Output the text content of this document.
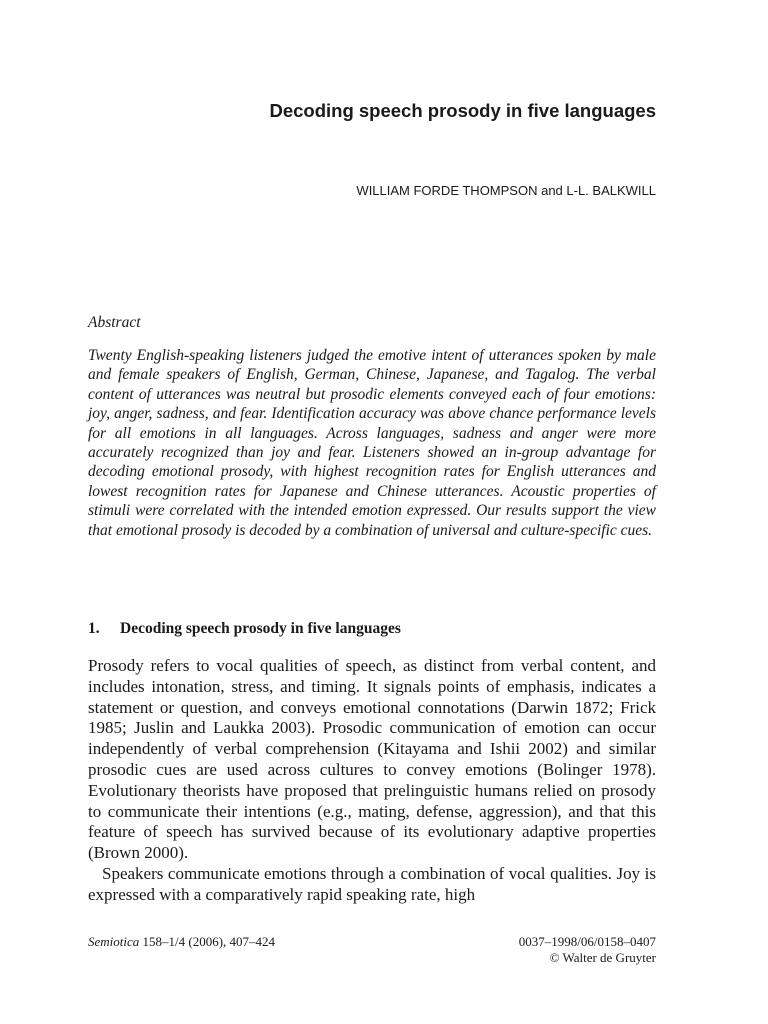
Decoding speech prosody in five languages
WILLIAM FORDE THOMPSON and L-L. BALKWILL
Abstract
Twenty English-speaking listeners judged the emotive intent of utterances spoken by male and female speakers of English, German, Chinese, Japanese, and Tagalog. The verbal content of utterances was neutral but prosodic elements conveyed each of four emotions: joy, anger, sadness, and fear. Identification accuracy was above chance performance levels for all emotions in all languages. Across languages, sadness and anger were more accurately recognized than joy and fear. Listeners showed an in-group advantage for decoding emotional prosody, with highest recognition rates for English utterances and lowest recognition rates for Japanese and Chinese utterances. Acoustic properties of stimuli were correlated with the intended emotion expressed. Our results support the view that emotional prosody is decoded by a combination of universal and culture-specific cues.
1. Decoding speech prosody in five languages

Prosody refers to vocal qualities of speech, as distinct from verbal content, and includes intonation, stress, and timing. It signals points of emphasis, indicates a statement or question, and conveys emotional connotations (Darwin 1872; Frick 1985; Juslin and Laukka 2003). Prosodic communication of emotion can occur independently of verbal comprehension (Kitayama and Ishii 2002) and similar prosodic cues are used across cultures to convey emotions (Bolinger 1978). Evolutionary theorists have proposed that prelinguistic humans relied on prosody to communicate their intentions (e.g., mating, defense, aggression), and that this feature of speech has survived because of its evolutionary adaptive properties (Brown 2000).

Speakers communicate emotions through a combination of vocal qualities. Joy is expressed with a comparatively rapid speaking rate, high

Semiotica 158–1/4 (2006), 407–424	0037–1998/06/0158–0407
© Walter de Gruyter
